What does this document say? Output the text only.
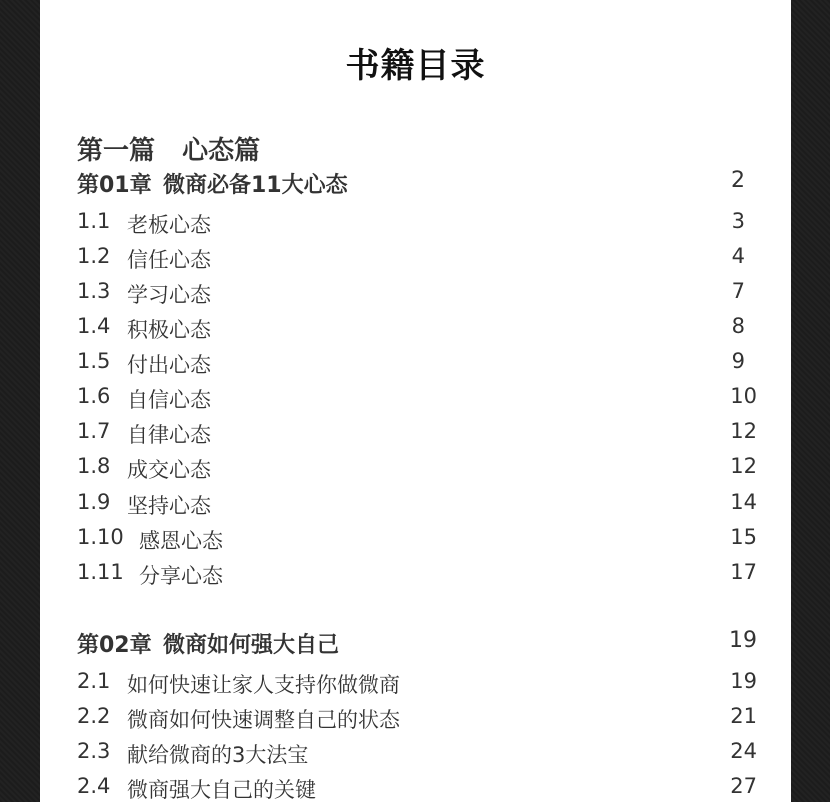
书籍目录
第一篇 心态篇
第01章 微商必备11大心态	2
1.1 老板心态	3
1.2 信任心态	4
1.3 学习心态	7
1.4 积极心态	8
1.5 付出心态	9
1.6 自信心态	10
1.7 自律心态	12
1.8 成交心态	12
1.9 坚持心态	14
1.10 感恩心态	15
1.11 分享心态	17
第02章 微商如何强大自己	19
2.1 如何快速让家人支持你做微商	19
2.2 微商如何快速调整自己的状态	21
2.3 献给微商的3大法宝	24
2.4 微商强大自己的关键	27
